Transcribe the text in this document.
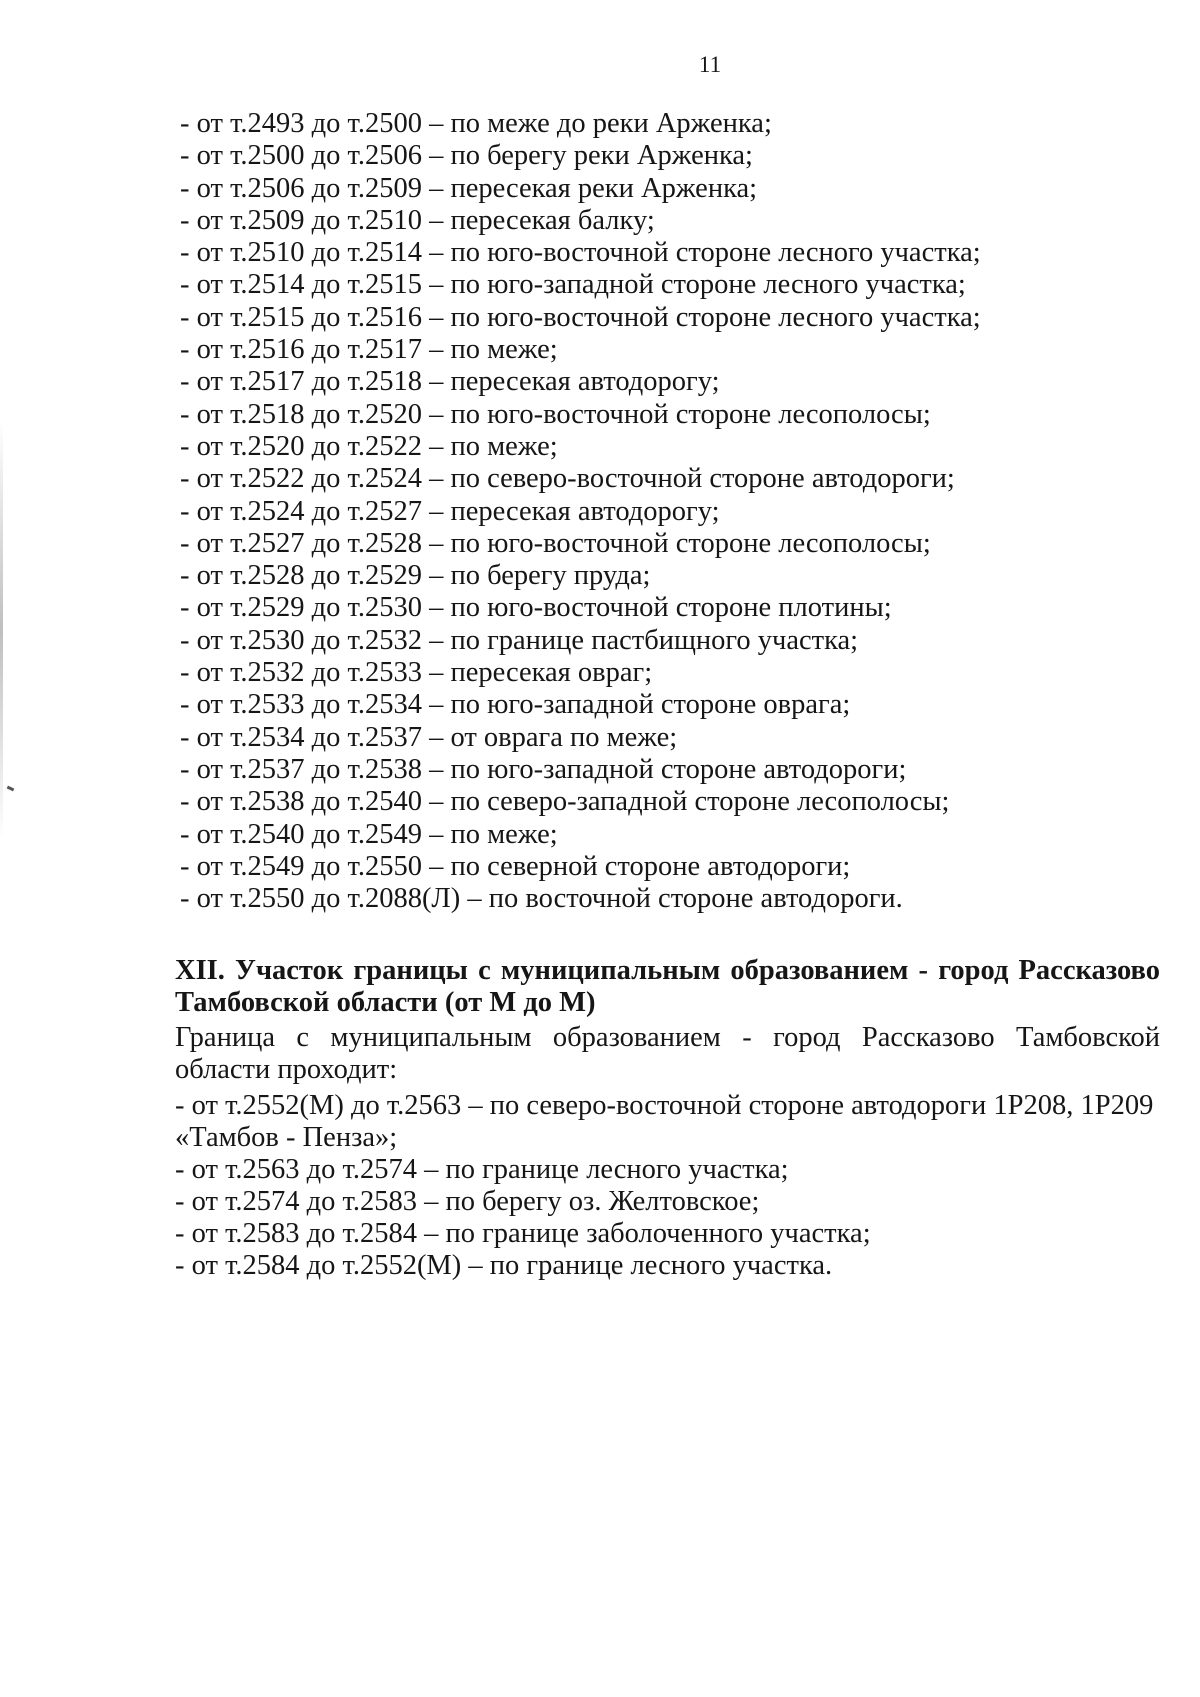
11
- от т.2493 до т.2500 – по меже до реки Арженка;
- от т.2500 до т.2506 – по берегу реки Арженка;
- от т.2506 до т.2509 – пересекая реки Арженка;
- от т.2509 до т.2510 – пересекая балку;
- от т.2510 до т.2514 – по юго-восточной стороне лесного участка;
- от т.2514 до т.2515 – по юго-западной стороне лесного участка;
- от т.2515 до т.2516 – по юго-восточной стороне лесного участка;
- от т.2516 до т.2517 – по меже;
- от т.2517 до т.2518 – пересекая автодорогу;
- от т.2518 до т.2520 – по юго-восточной стороне лесополосы;
- от т.2520 до т.2522 – по меже;
- от т.2522 до т.2524 – по северо-восточной стороне автодороги;
- от т.2524 до т.2527 – пересекая автодорогу;
- от т.2527 до т.2528 – по юго-восточной стороне лесополосы;
- от т.2528 до т.2529 – по берегу пруда;
- от т.2529 до т.2530 – по юго-восточной стороне плотины;
- от т.2530 до т.2532 – по границе пастбищного участка;
- от т.2532 до т.2533 – пересекая овраг;
- от т.2533 до т.2534 – по юго-западной стороне оврага;
- от т.2534 до т.2537 – от оврага по меже;
- от т.2537 до т.2538 – по юго-западной стороне автодороги;
- от т.2538 до т.2540 – по северо-западной стороне лесополосы;
- от т.2540 до т.2549 – по меже;
- от т.2549 до т.2550 – по северной стороне автодороги;
- от т.2550 до т.2088(Л) – по восточной стороне автодороги.

XII. Участок границы с муниципальным образованием - город Рассказово Тамбовской области (от М до М)

Граница с муниципальным образованием - город Рассказово Тамбовской области проходит:

- от т.2552(М) до т.2563 – по северо-восточной стороне автодороги 1Р208, 1Р209 «Тамбов - Пенза»;
- от т.2563 до т.2574 – по границе лесного участка;
- от т.2574 до т.2583 – по берегу оз. Желтовское;
- от т.2583 до т.2584 – по границе заболоченного участка;
- от т.2584 до т.2552(М) – по границе лесного участка.
